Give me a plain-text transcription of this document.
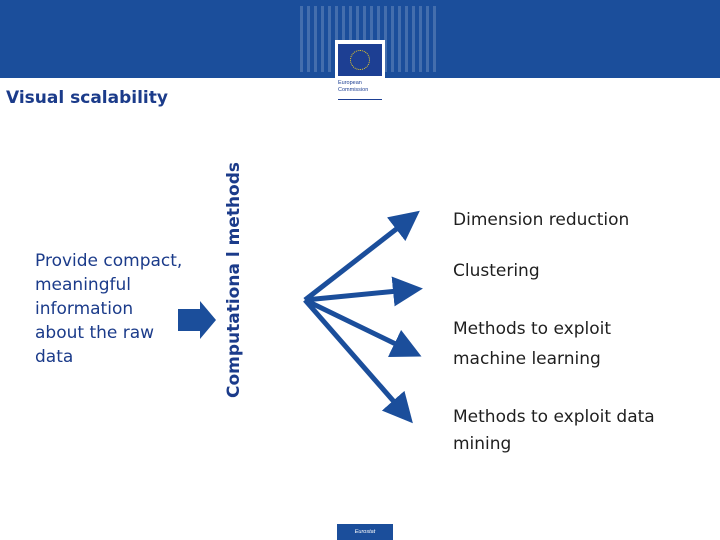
European Commission
Visual scalability
Provide compact, meaningful information about the raw data	Computationa l methods	Dimension reduction
Clustering
Methods to exploit machine learning
Methods to exploit data mining
Eurostat
